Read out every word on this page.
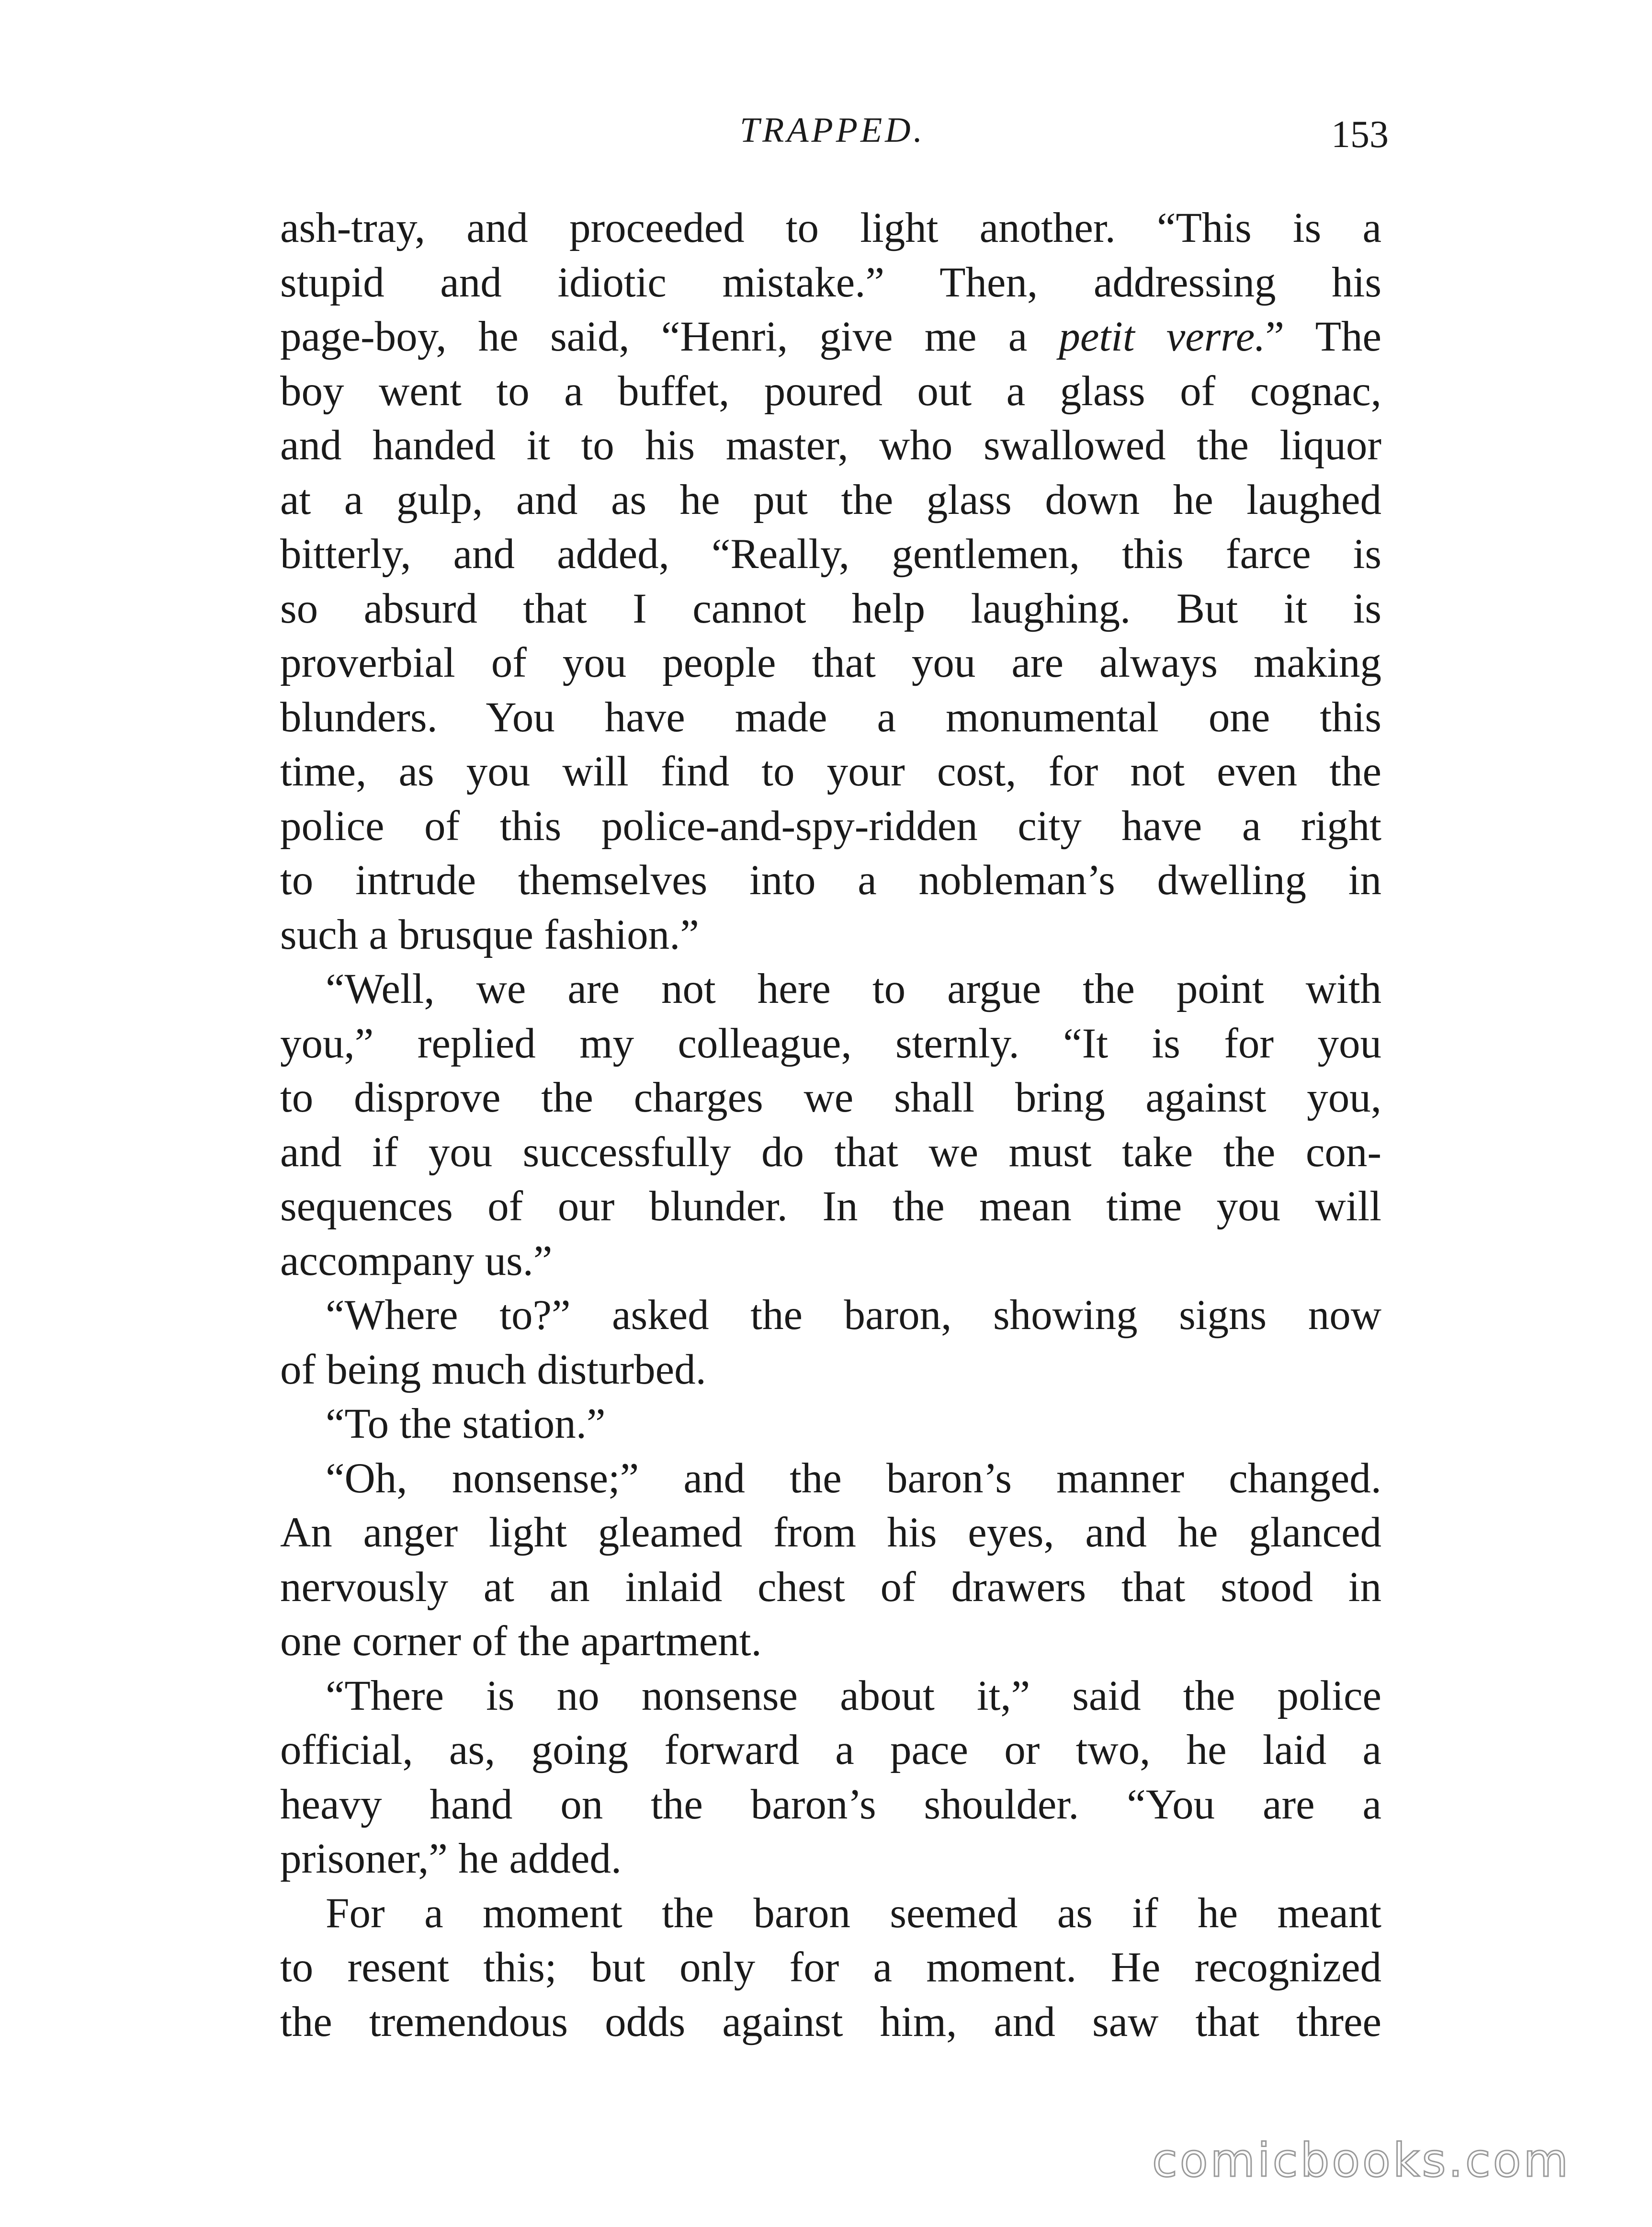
TRAPPED.	153
ash-tray, and proceeded to light another. “This is a
stupid and idiotic mistake.” Then, addressing his
page-boy, he said, “Henri, give me a petit verre.” The
boy went to a buffet, poured out a glass of cognac,
and handed it to his master, who swallowed the liquor
at a gulp, and as he put the glass down he laughed
bitterly, and added, “Really, gentlemen, this farce is
so absurd that I cannot help laughing. But it is
proverbial of you people that you are always making
blunders. You have made a monumental one this
time, as you will find to your cost, for not even the
police of this police-and-spy-ridden city have a right
to intrude themselves into a nobleman’s dwelling in
such a brusque fashion.”
“Well, we are not here to argue the point with
you,” replied my colleague, sternly. “It is for you
to disprove the charges we shall bring against you,
and if you successfully do that we must take the con-
sequences of our blunder. In the mean time you will
accompany us.”
“Where to?” asked the baron, showing signs now
of being much disturbed.
“To the station.”
“Oh, nonsense;” and the baron’s manner changed.
An anger light gleamed from his eyes, and he glanced
nervously at an inlaid chest of drawers that stood in
one corner of the apartment.
“There is no nonsense about it,” said the police
official, as, going forward a pace or two, he laid a
heavy hand on the baron’s shoulder. “You are a
prisoner,” he added.
For a moment the baron seemed as if he meant
to resent this; but only for a moment. He recognized
the tremendous odds against him, and saw that three
comicbooks.com
